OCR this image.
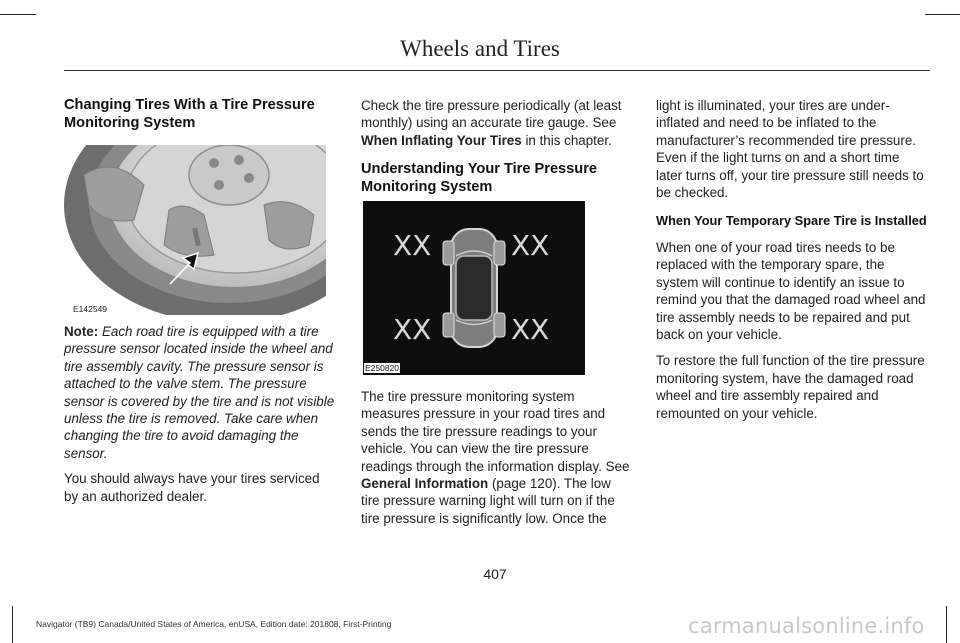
Wheels and Tires
Changing Tires With a Tire Pressure Monitoring System
E142549

Note: Each road tire is equipped with a tire pressure sensor located inside the wheel and tire assembly cavity. The pressure sensor is attached to the valve stem. The pressure sensor is covered by the tire and is not visible unless the tire is removed. Take care when changing the tire to avoid damaging the sensor.

You should always have your tires serviced by an authorized dealer.

Check the tire pressure periodically (at least monthly) using an accurate tire gauge. See When Inflating Your Tires in this chapter.

Understanding Your Tire Pressure Monitoring System
XX	XX
XX	XX
E250820

The tire pressure monitoring system measures pressure in your road tires and sends the tire pressure readings to your vehicle. You can view the tire pressure readings through the information display. See General Information (page 120). The low tire pressure warning light will turn on if the tire pressure is significantly low. Once the

light is illuminated, your tires are under-inflated and need to be inflated to the manufacturer’s recommended tire pressure. Even if the light turns on and a short time later turns off, your tire pressure still needs to be checked.

When Your Temporary Spare Tire is Installed

When one of your road tires needs to be replaced with the temporary spare, the system will continue to identify an issue to remind you that the damaged road wheel and tire assembly needs to be repaired and put back on your vehicle.

To restore the full function of the tire pressure monitoring system, have the damaged road wheel and tire assembly repaired and remounted on your vehicle.

407
Navigator (TB9) Canada/United States of America, enUSA, Edition date: 201808, First-Printing	carmanualsonline.info
